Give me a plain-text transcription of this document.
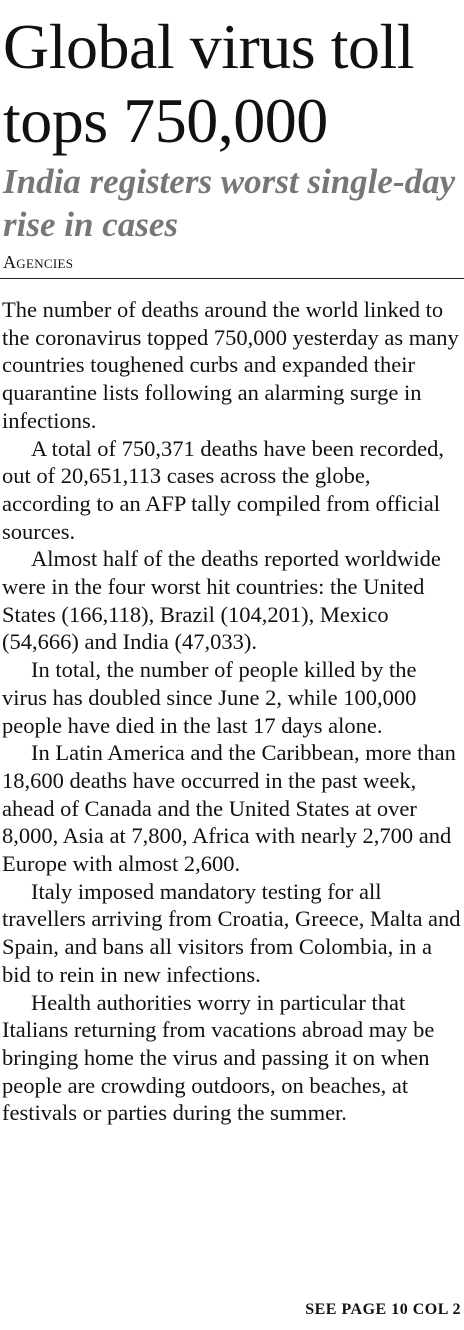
Global virus toll tops 750,000
India registers worst single-day rise in cases
Agencies

The number of deaths around the world linked to the coronavirus topped 750,000 yesterday as many countries toughened curbs and expanded their quarantine lists following an alarming surge in infections.

A total of 750,371 deaths have been recorded, out of 20,651,113 cases across the globe, according to an AFP tally compiled from official sources.

Almost half of the deaths reported worldwide were in the four worst hit countries: the United States (166,118), Brazil (104,201), Mexico (54,666) and India (47,033).

In total, the number of people killed by the virus has doubled since June 2, while 100,000 people have died in the last 17 days alone.

In Latin America and the Caribbean, more than 18,600 deaths have occurred in the past week, ahead of Canada and the United States at over 8,000, Asia at 7,800, Africa with nearly 2,700 and Europe with almost 2,600.

Italy imposed mandatory testing for all travellers arriving from Croatia, Greece, Malta and Spain, and bans all visitors from Colombia, in a bid to rein in new infections.

Health authorities worry in particular that Italians returning from vacations abroad may be bringing home the virus and passing it on when people are crowding outdoors, on beaches, at festivals or parties during the summer.

SEE PAGE 10 COL 2
